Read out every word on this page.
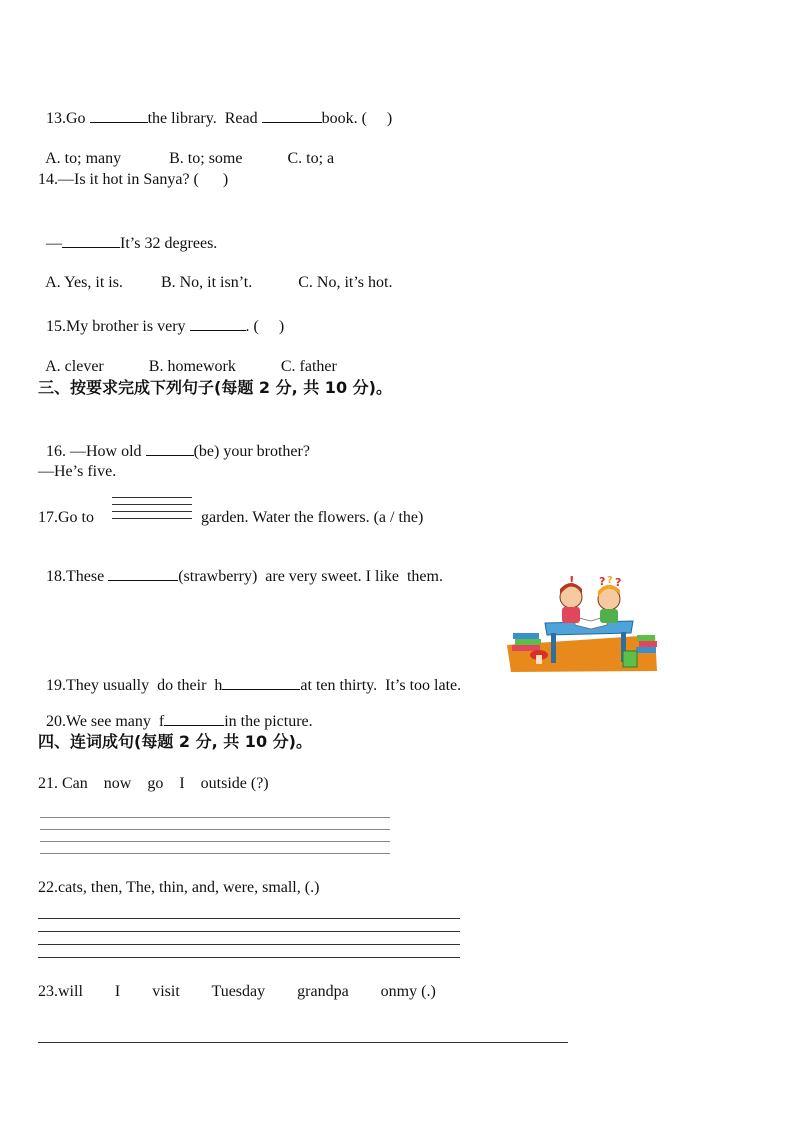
13.Go	the library.  Read	book. (     )

A. to; many	B. to; some	C. to; a

14.—Is it hot in Sanya? (      )

—	It’s 32 degrees.

A. Yes, it is. B. No, it isn’t.	C. No, it’s hot.

15.My brother is very	. (     )

A. clever	B. homework	C. father

三、按要求完成下列句子(每题 2 分, 共 10 分)。

16. —How old	(be) your brother?

—He’s five.
17.Go to	garden. Water the flowers. (a / the)

18.These	(strawberry)  are very sweet. I like  them.	! ? ? ?

19.They usually  do their  h	at ten thirty.  It’s too late.

20.We see many  f	in the picture.

四、连词成句(每题 2 分, 共 10 分)。
21. Can    now    go    I    outside (?)
22.cats, then, The, thin, and, were, small, (.)
23.will        I        visit        Tuesday        grandpa        onmy (.)
